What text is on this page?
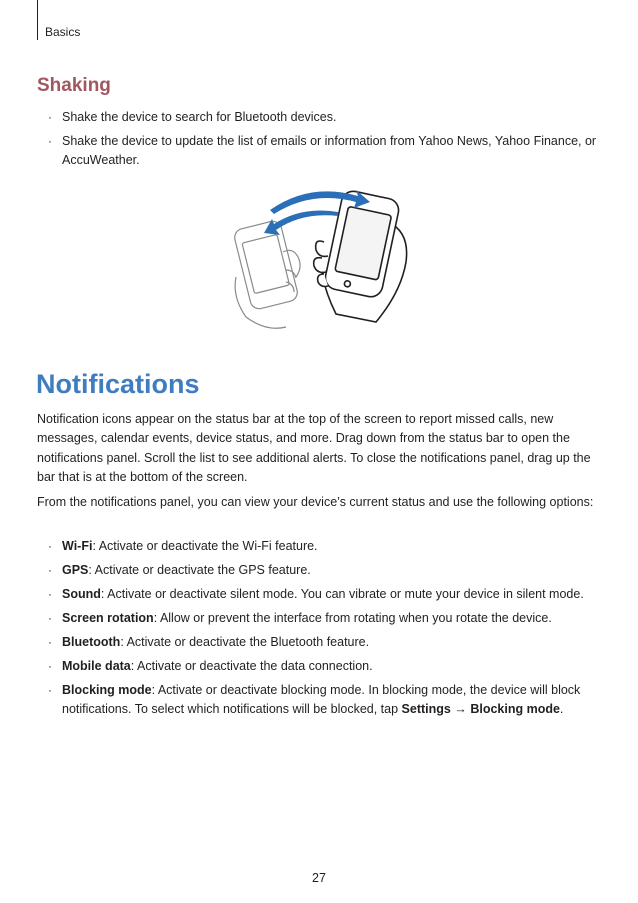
Basics
Shaking
· Shake the device to search for Bluetooth devices.
· Shake the device to update the list of emails or information from Yahoo News, Yahoo Finance, or AccuWeather.
Notifications

Notification icons appear on the status bar at the top of the screen to report missed calls, new messages, calendar events, device status, and more. Drag down from the status bar to open the notifications panel. Scroll the list to see additional alerts. To close the notifications panel, drag up the bar that is at the bottom of the screen.

From the notifications panel, you can view your device’s current status and use the following options:

· Wi-Fi: Activate or deactivate the Wi-Fi feature.
· GPS: Activate or deactivate the GPS feature.
· Sound: Activate or deactivate silent mode. You can vibrate or mute your device in silent mode.
· Screen rotation: Allow or prevent the interface from rotating when you rotate the device.
· Bluetooth: Activate or deactivate the Bluetooth feature.
· Mobile data: Activate or deactivate the data connection.
· Blocking mode: Activate or deactivate blocking mode. In blocking mode, the device will block notifications. To select which notifications will be blocked, tap Settings → Blocking mode.
27
